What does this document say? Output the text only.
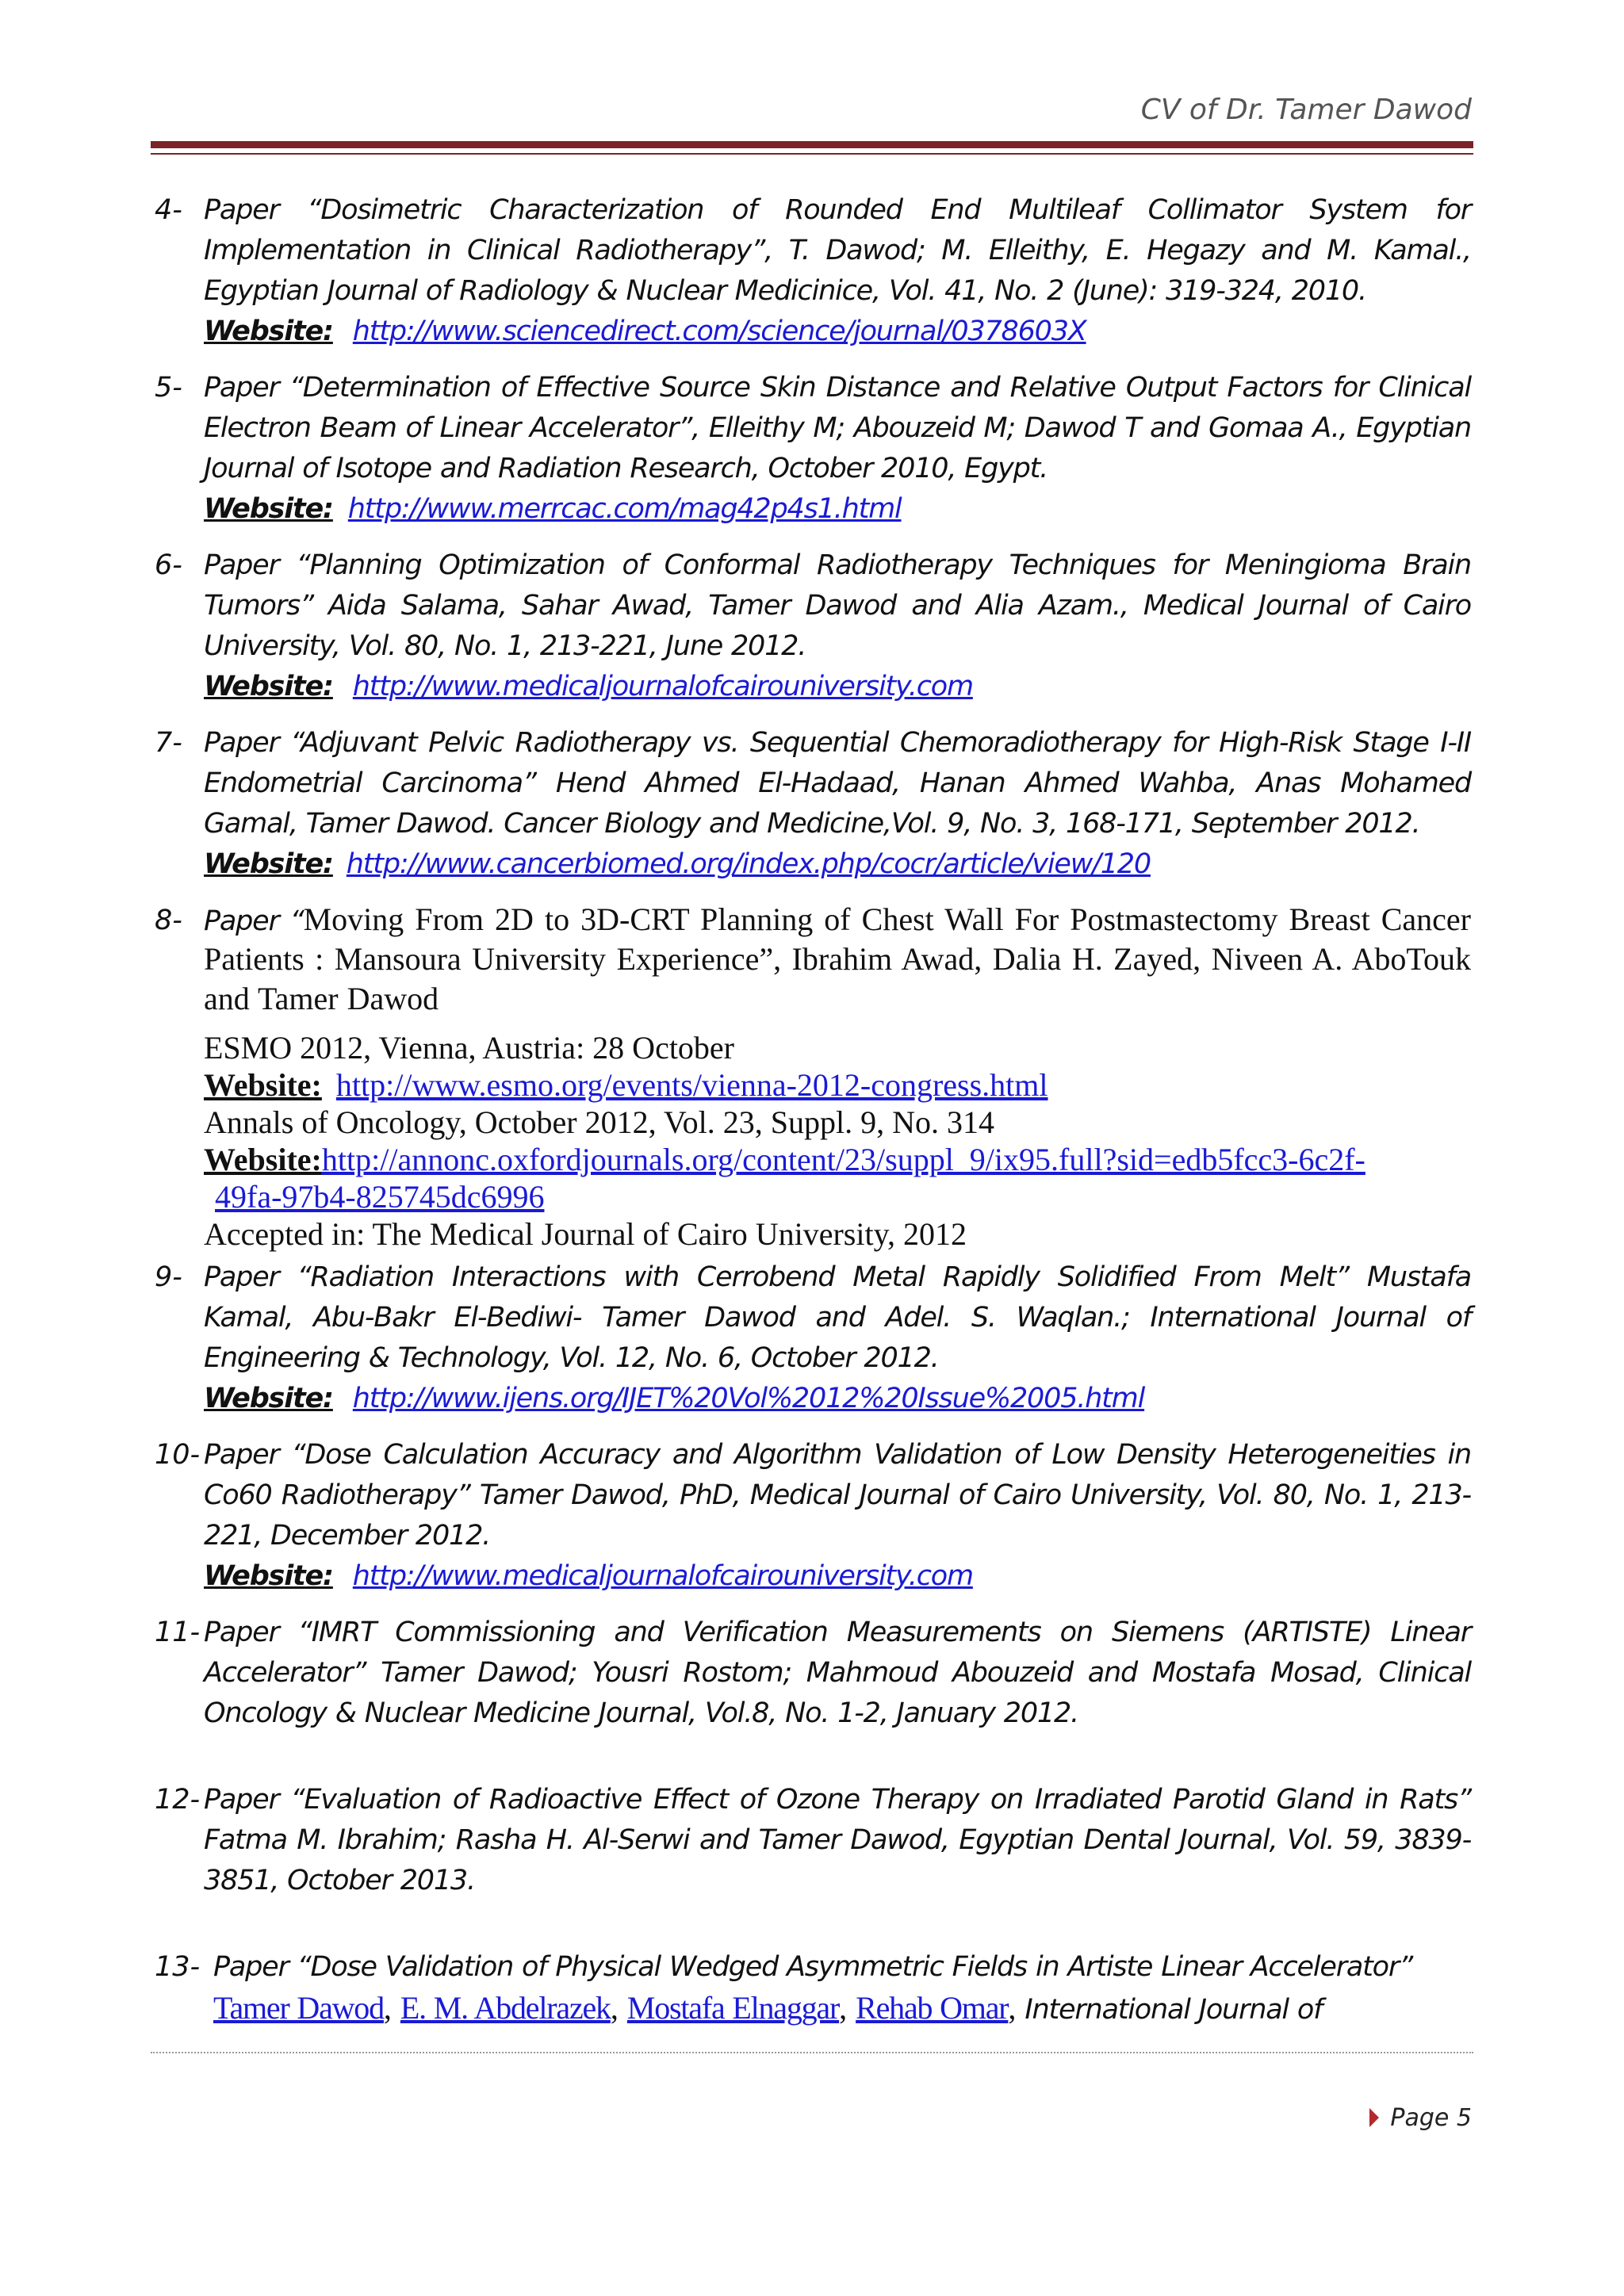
CV of Dr. Tamer Dawod
4- Paper “Dosimetric Characterization of Rounded End Multileaf Collimator System for Implementation in Clinical Radiotherapy”, T. Dawod; M. Elleithy, E. Hegazy and M. Kamal., Egyptian Journal of Radiology & Nuclear Medicinice, Vol. 41, No. 2 (June): 319-324, 2010.
Website: http://www.sciencedirect.com/science/journal/0378603X
5- Paper “Determination of Effective Source Skin Distance and Relative Output Factors for Clinical Electron Beam of Linear Accelerator”, Elleithy M; Abouzeid M; Dawod T and Gomaa A., Egyptian Journal of Isotope and Radiation Research, October 2010, Egypt.
Website: http://www.merrcac.com/mag42p4s1.html
6- Paper “Planning Optimization of Conformal Radiotherapy Techniques for Meningioma Brain Tumors” Aida Salama, Sahar Awad, Tamer Dawod and Alia Azam., Medical Journal of Cairo University, Vol. 80, No. 1, 213-221, June 2012.
Website: http://www.medicaljournalofcairouniversity.com
7- Paper “Adjuvant Pelvic Radiotherapy vs. Sequential Chemoradiotherapy for High-Risk Stage I-II Endometrial Carcinoma” Hend Ahmed El-Hadaad, Hanan Ahmed Wahba, Anas Mohamed Gamal, Tamer Dawod. Cancer Biology and Medicine,Vol. 9, No. 3, 168-171, September 2012.
Website: http://www.cancerbiomed.org/index.php/cocr/article/view/120
8- Paper “Moving From 2D to 3D-CRT Planning of Chest Wall For Postmastectomy Breast Cancer Patients : Mansoura University Experience”, Ibrahim Awad, Dalia H. Zayed, Niveen A. AboTouk and Tamer Dawod
ESMO 2012, Vienna, Austria: 28 October
Website: http://www.esmo.org/events/vienna-2012-congress.html
Annals of Oncology, October 2012, Vol. 23, Suppl. 9, No. 314
Website:http://annonc.oxfordjournals.org/content/23/suppl_9/ix95.full?sid=edb5fcc3-6c2f-
49fa-97b4-825745dc6996
Accepted in: The Medical Journal of Cairo University, 2012
9- Paper “Radiation Interactions with Cerrobend Metal Rapidly Solidified From Melt” Mustafa Kamal, Abu-Bakr El-Bediwi- Tamer Dawod and Adel. S. Waqlan.; International Journal of Engineering & Technology, Vol. 12, No. 6, October 2012.
Website: http://www.ijens.org/IJET%20Vol%2012%20Issue%2005.html
10- Paper “Dose Calculation Accuracy and Algorithm Validation of Low Density Heterogeneities in Co60 Radiotherapy” Tamer Dawod, PhD, Medical Journal of Cairo University, Vol. 80, No. 1, 213-221, December 2012.
Website: http://www.medicaljournalofcairouniversity.com
11- Paper “IMRT Commissioning and Verification Measurements on Siemens (ARTISTE) Linear Accelerator” Tamer Dawod; Yousri Rostom; Mahmoud Abouzeid and Mostafa Mosad, Clinical Oncology & Nuclear Medicine Journal, Vol.8, No. 1-2, January 2012.
12- Paper “Evaluation of Radioactive Effect of Ozone Therapy on Irradiated Parotid Gland in Rats” Fatma M. Ibrahim; Rasha H. Al-Serwi and Tamer Dawod, Egyptian Dental Journal, Vol. 59, 3839-3851, October 2013.
13- Paper “Dose Validation of Physical Wedged Asymmetric Fields in Artiste Linear Accelerator”
Tamer Dawod, E. M. Abdelrazek, Mostafa Elnaggar, Rehab Omar, International Journal of
Page 5
